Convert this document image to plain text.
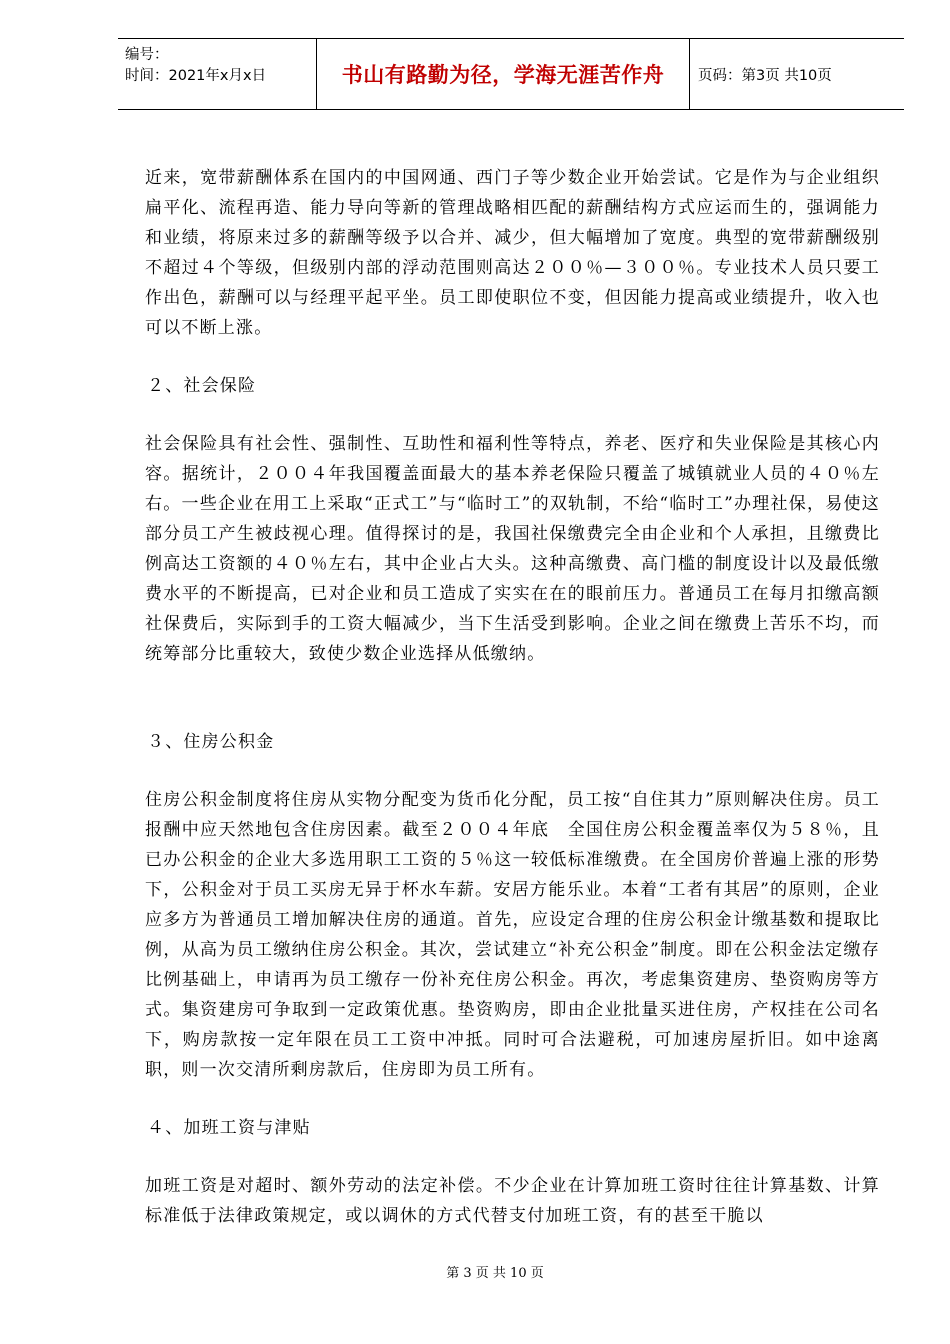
编号：
时间：2021年x月x日	书山有路勤为径，学海无涯苦作舟	页码：第3页 共10页

近来，宽带薪酬体系在国内的中国网通、西门子等少数企业开始尝试。它是作为与企业组织扁平化、流程再造、能力导向等新的管理战略相匹配的薪酬结构方式应运而生的，强调能力和业绩，将原来过多的薪酬等级予以合并、减少，但大幅增加了宽度。典型的宽带薪酬级别不超过４个等级，但级别内部的浮动范围则高达２００％—３００％。专业技术人员只要工作出色，薪酬可以与经理平起平坐。员工即使职位不变，但因能力提高或业绩提升，收入也可以不断上涨。

２、社会保险

社会保险具有社会性、强制性、互助性和福利性等特点，养老、医疗和失业保险是其核心内容。据统计，２００４年我国覆盖面最大的基本养老保险只覆盖了城镇就业人员的４０％左右。一些企业在用工上采取“正式工”与“临时工”的双轨制，不给“临时工”办理社保，易使这部分员工产生被歧视心理。值得探讨的是，我国社保缴费完全由企业和个人承担，且缴费比例高达工资额的４０％左右，其中企业占大头。这种高缴费、高门槛的制度设计以及最低缴费水平的不断提高，已对企业和员工造成了实实在在的眼前压力。普通员工在每月扣缴高额社保费后，实际到手的工资大幅减少，当下生活受到影响。企业之间在缴费上苦乐不均，而统筹部分比重较大，致使少数企业选择从低缴纳。

３、住房公积金

住房公积金制度将住房从实物分配变为货币化分配，员工按“自住其力”原则解决住房。员工报酬中应天然地包含住房因素。截至２００４年底　全国住房公积金覆盖率仅为５８％，且已办公积金的企业大多选用职工工资的５％这一较低标准缴费。在全国房价普遍上涨的形势下，公积金对于员工买房无异于杯水车薪。安居方能乐业。本着“工者有其居”的原则，企业应多方为普通员工增加解决住房的通道。首先，应设定合理的住房公积金计缴基数和提取比例，从高为员工缴纳住房公积金。其次，尝试建立“补充公积金”制度。即在公积金法定缴存比例基础上，申请再为员工缴存一份补充住房公积金。再次，考虑集资建房、垫资购房等方式。集资建房可争取到一定政策优惠。垫资购房，即由企业批量买进住房，产权挂在公司名下，购房款按一定年限在员工工资中冲抵。同时可合法避税，可加速房屋折旧。如中途离职，则一次交清所剩房款后，住房即为员工所有。

４、加班工资与津贴

加班工资是对超时、额外劳动的法定补偿。不少企业在计算加班工资时往往计算基数、计算标准低于法律政策规定，或以调休的方式代替支付加班工资，有的甚至干脆以

第 3 页 共 10 页
